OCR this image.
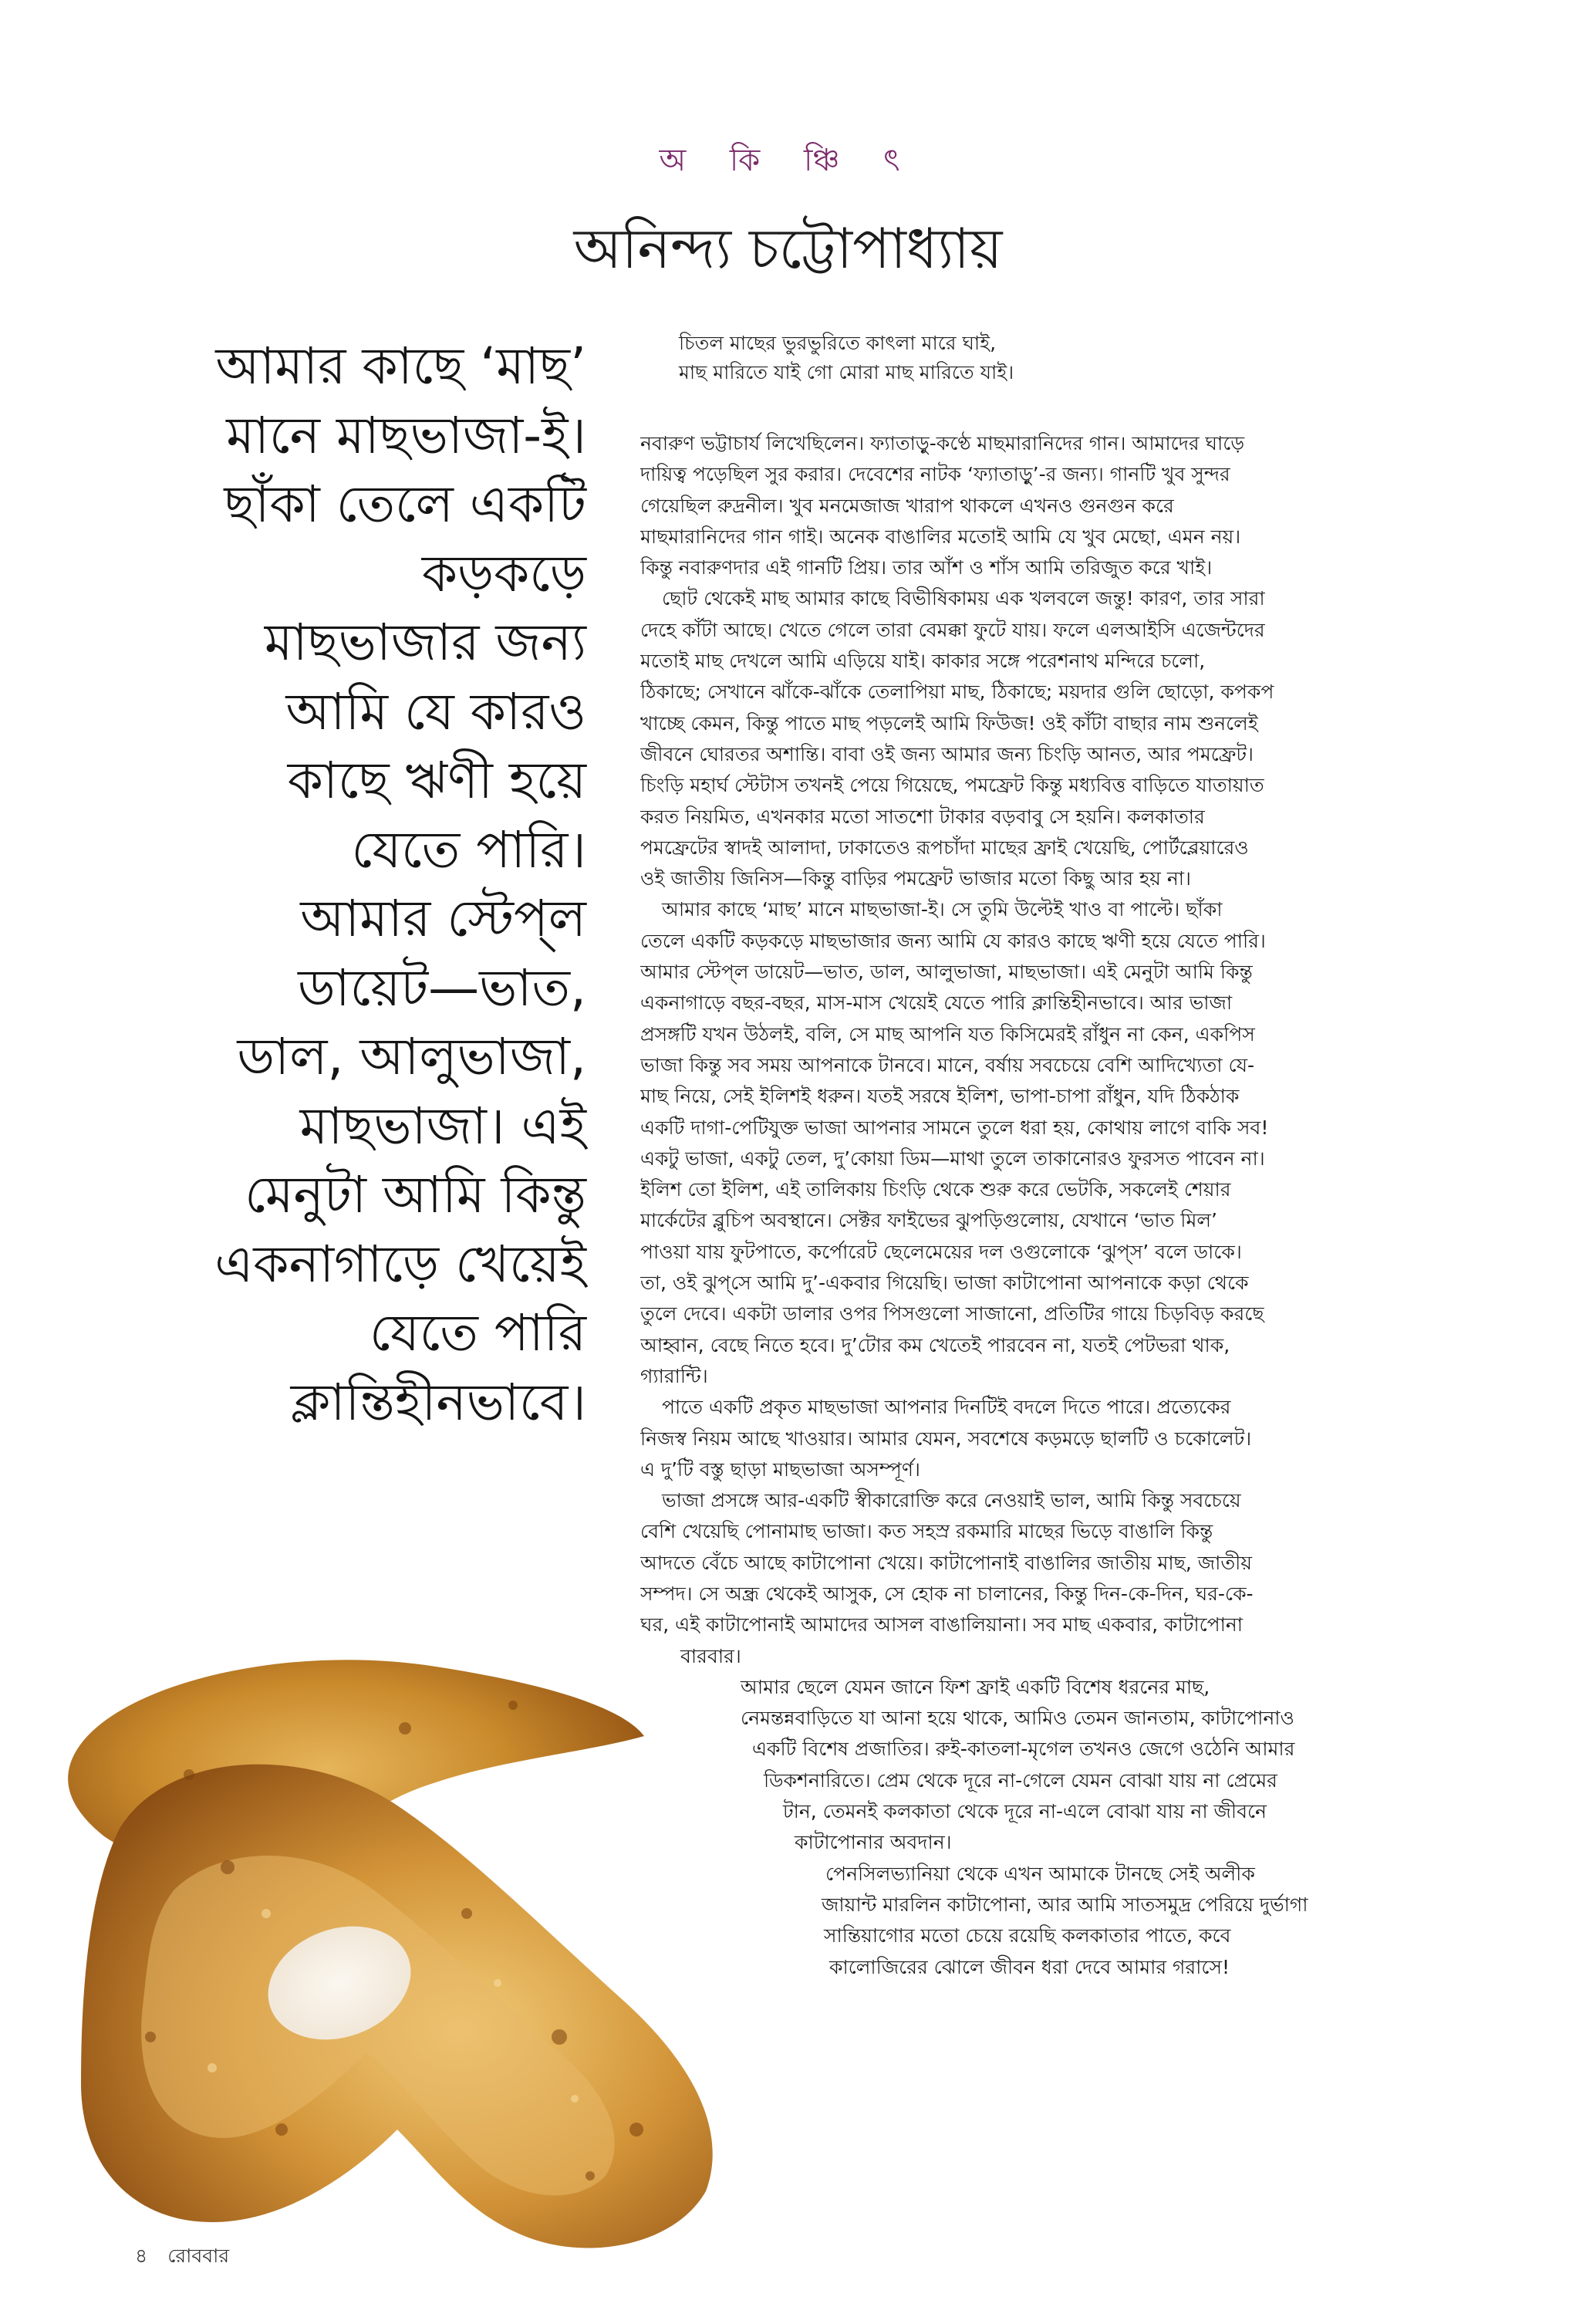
অ কি ঞ্চি ৎ
অনিন্দ্য চট্টোপাধ্যায়
আমার কাছে ‘মাছ’
মানে মাছভাজা-ই।
ছাঁকা তেলে একটি
কড়কড়ে
মাছভাজার জন্য
আমি যে কারও
কাছে ঋণী হয়ে
যেতে পারি।
আমার স্টেপ্‌ল
ডায়েট—ভাত,
ডাল, আলুভাজা,
মাছভাজা। এই
মেনুটা আমি কিন্তু
একনাগাড়ে খেয়েই
যেতে পারি
ক্লান্তিহীনভাবে।
চিতল মাছের ভুরভুরিতে কাৎলা মারে ঘাই,
মাছ মারিতে যাই গো মোরা মাছ মারিতে যাই।
নবারুণ ভট্টাচার্য লিখেছিলেন। ফ্যাতাড়ু-কণ্ঠে মাছমারানিদের গান। আমাদের ঘাড়ে
দায়িত্ব পড়েছিল সুর করার। দেবেশের নাটক ‘ফ্যাতাড়ু’-র জন্য। গানটি খুব সুন্দর
গেয়েছিল রুদ্রনীল। খুব মনমেজাজ খারাপ থাকলে এখনও গুনগুন করে
মাছমারানিদের গান গাই। অনেক বাঙালির মতোই আমি যে খুব মেছো, এমন নয়।
কিন্তু নবারুণদার এই গানটি প্রিয়। তার আঁশ ও শাঁস আমি তরিজুত করে খাই।
ছোট থেকেই মাছ আমার কাছে বিভীষিকাময় এক খলবলে জন্তু! কারণ, তার সারা
দেহে কাঁটা আছে। খেতে গেলে তারা বেমক্কা ফুটে যায়। ফলে এলআইসি এজেন্টদের
মতোই মাছ দেখলে আমি এড়িয়ে যাই। কাকার সঙ্গে পরেশনাথ মন্দিরে চলো,
ঠিকাছে; সেখানে ঝাঁকে-ঝাঁকে তেলাপিয়া মাছ, ঠিকাছে; ময়দার গুলি ছোড়ো, কপকপ
খাচ্ছে কেমন, কিন্তু পাতে মাছ পড়লেই আমি ফিউজ! ওই কাঁটা বাছার নাম শুনলেই
জীবনে ঘোরতর অশান্তি। বাবা ওই জন্য আমার জন্য চিংড়ি আনত, আর পমফ্রেট।
চিংড়ি মহার্ঘ স্টেটাস তখনই পেয়ে গিয়েছে, পমফ্রেট কিন্তু মধ্যবিত্ত বাড়িতে যাতায়াত
করত নিয়মিত, এখনকার মতো সাতশো টাকার বড়বাবু সে হয়নি। কলকাতার
পমফ্রেটের স্বাদই আলাদা, ঢাকাতেও রূপচাঁদা মাছের ফ্রাই খেয়েছি, পোর্টব্লেয়ারেও
ওই জাতীয় জিনিস—কিন্তু বাড়ির পমফ্রেট ভাজার মতো কিছু আর হয় না।
আমার কাছে ‘মাছ’ মানে মাছভাজা-ই। সে তুমি উল্টেই খাও বা পাল্টে। ছাঁকা
তেলে একটি কড়কড়ে মাছভাজার জন্য আমি যে কারও কাছে ঋণী হয়ে যেতে পারি।
আমার স্টেপ্‌ল ডায়েট—ভাত, ডাল, আলুভাজা, মাছভাজা। এই মেনুটা আমি কিন্তু
একনাগাড়ে বছর-বছর, মাস-মাস খেয়েই যেতে পারি ক্লান্তিহীনভাবে। আর ভাজা
প্রসঙ্গটি যখন উঠলই, বলি, সে মাছ আপনি যত কিসিমেরই রাঁধুন না কেন, একপিস
ভাজা কিন্তু সব সময় আপনাকে টানবে। মানে, বর্ষায় সবচেয়ে বেশি আদিখ্যেতা যে-
মাছ নিয়ে, সেই ইলিশই ধরুন। যতই সরষে ইলিশ, ভাপা-চাপা রাঁধুন, যদি ঠিকঠাক
একটি দাগা-পেটিযুক্ত ভাজা আপনার সামনে তুলে ধরা হয়, কোথায় লাগে বাকি সব!
একটু ভাজা, একটু তেল, দু’কোয়া ডিম—মাথা তুলে তাকানোরও ফুরসত পাবেন না।
ইলিশ তো ইলিশ, এই তালিকায় চিংড়ি থেকে শুরু করে ভেটকি, সকলেই শেয়ার
মার্কেটের ব্লুচিপ অবস্থানে। সেক্টর ফাইভের ঝুপড়িগুলোয়, যেখানে ‘ভাত মিল’
পাওয়া যায় ফুটপাতে, কর্পোরেট ছেলেমেয়ের দল ওগুলোকে ‘ঝুপ্‌স’ বলে ডাকে।
তা, ওই ঝুপ্‌সে আমি দু’-একবার গিয়েছি। ভাজা কাটাপোনা আপনাকে কড়া থেকে
তুলে দেবে। একটা ডালার ওপর পিসগুলো সাজানো, প্রতিটির গায়ে চিড়বিড় করছে
আহ্বান, বেছে নিতে হবে। দু’টোর কম খেতেই পারবেন না, যতই পেটভরা থাক,
গ্যারান্টি।
পাতে একটি প্রকৃত মাছভাজা আপনার দিনটিই বদলে দিতে পারে। প্রত্যেকের
নিজস্ব নিয়ম আছে খাওয়ার। আমার যেমন, সবশেষে কড়মড়ে ছালটি ও চকোলেট।
এ দু’টি বস্তু ছাড়া মাছভাজা অসম্পূর্ণ।
ভাজা প্রসঙ্গে আর-একটি স্বীকারোক্তি করে নেওয়াই ভাল, আমি কিন্তু সবচেয়ে
বেশি খেয়েছি পোনামাছ ভাজা। কত সহস্র রকমারি মাছের ভিড়ে বাঙালি কিন্তু
আদতে বেঁচে আছে কাটাপোনা খেয়ে। কাটাপোনাই বাঙালির জাতীয় মাছ, জাতীয়
সম্পদ। সে অন্ধ্র থেকেই আসুক, সে হোক না চালানের, কিন্তু দিন-কে-দিন, ঘর-কে-
ঘর, এই কাটাপোনাই আমাদের আসল বাঙালিয়ানা। সব মাছ একবার, কাটাপোনা
বারবার।
আমার ছেলে যেমন জানে ফিশ ফ্রাই একটি বিশেষ ধরনের মাছ,
নেমন্তন্নবাড়িতে যা আনা হয়ে থাকে, আমিও তেমন জানতাম, কাটাপোনাও
একটি বিশেষ প্রজাতির। রুই-কাতলা-মৃগেল তখনও জেগে ওঠেনি আমার
ডিকশনারিতে। প্রেম থেকে দূরে না-গেলে যেমন বোঝা যায় না প্রেমের
টান, তেমনই কলকাতা থেকে দূরে না-এলে বোঝা যায় না জীবনে
কাটাপোনার অবদান।
পেনসিলভ্যানিয়া থেকে এখন আমাকে টানছে সেই অলীক
জায়ান্ট মারলিন কাটাপোনা, আর আমি সাতসমুদ্র পেরিয়ে দুর্ভাগা
সান্তিয়াগোর মতো চেয়ে রয়েছি কলকাতার পাতে, কবে
কালোজিরের ঝোলে জীবন ধরা দেবে আমার গরাসে!
৪ রোববার
